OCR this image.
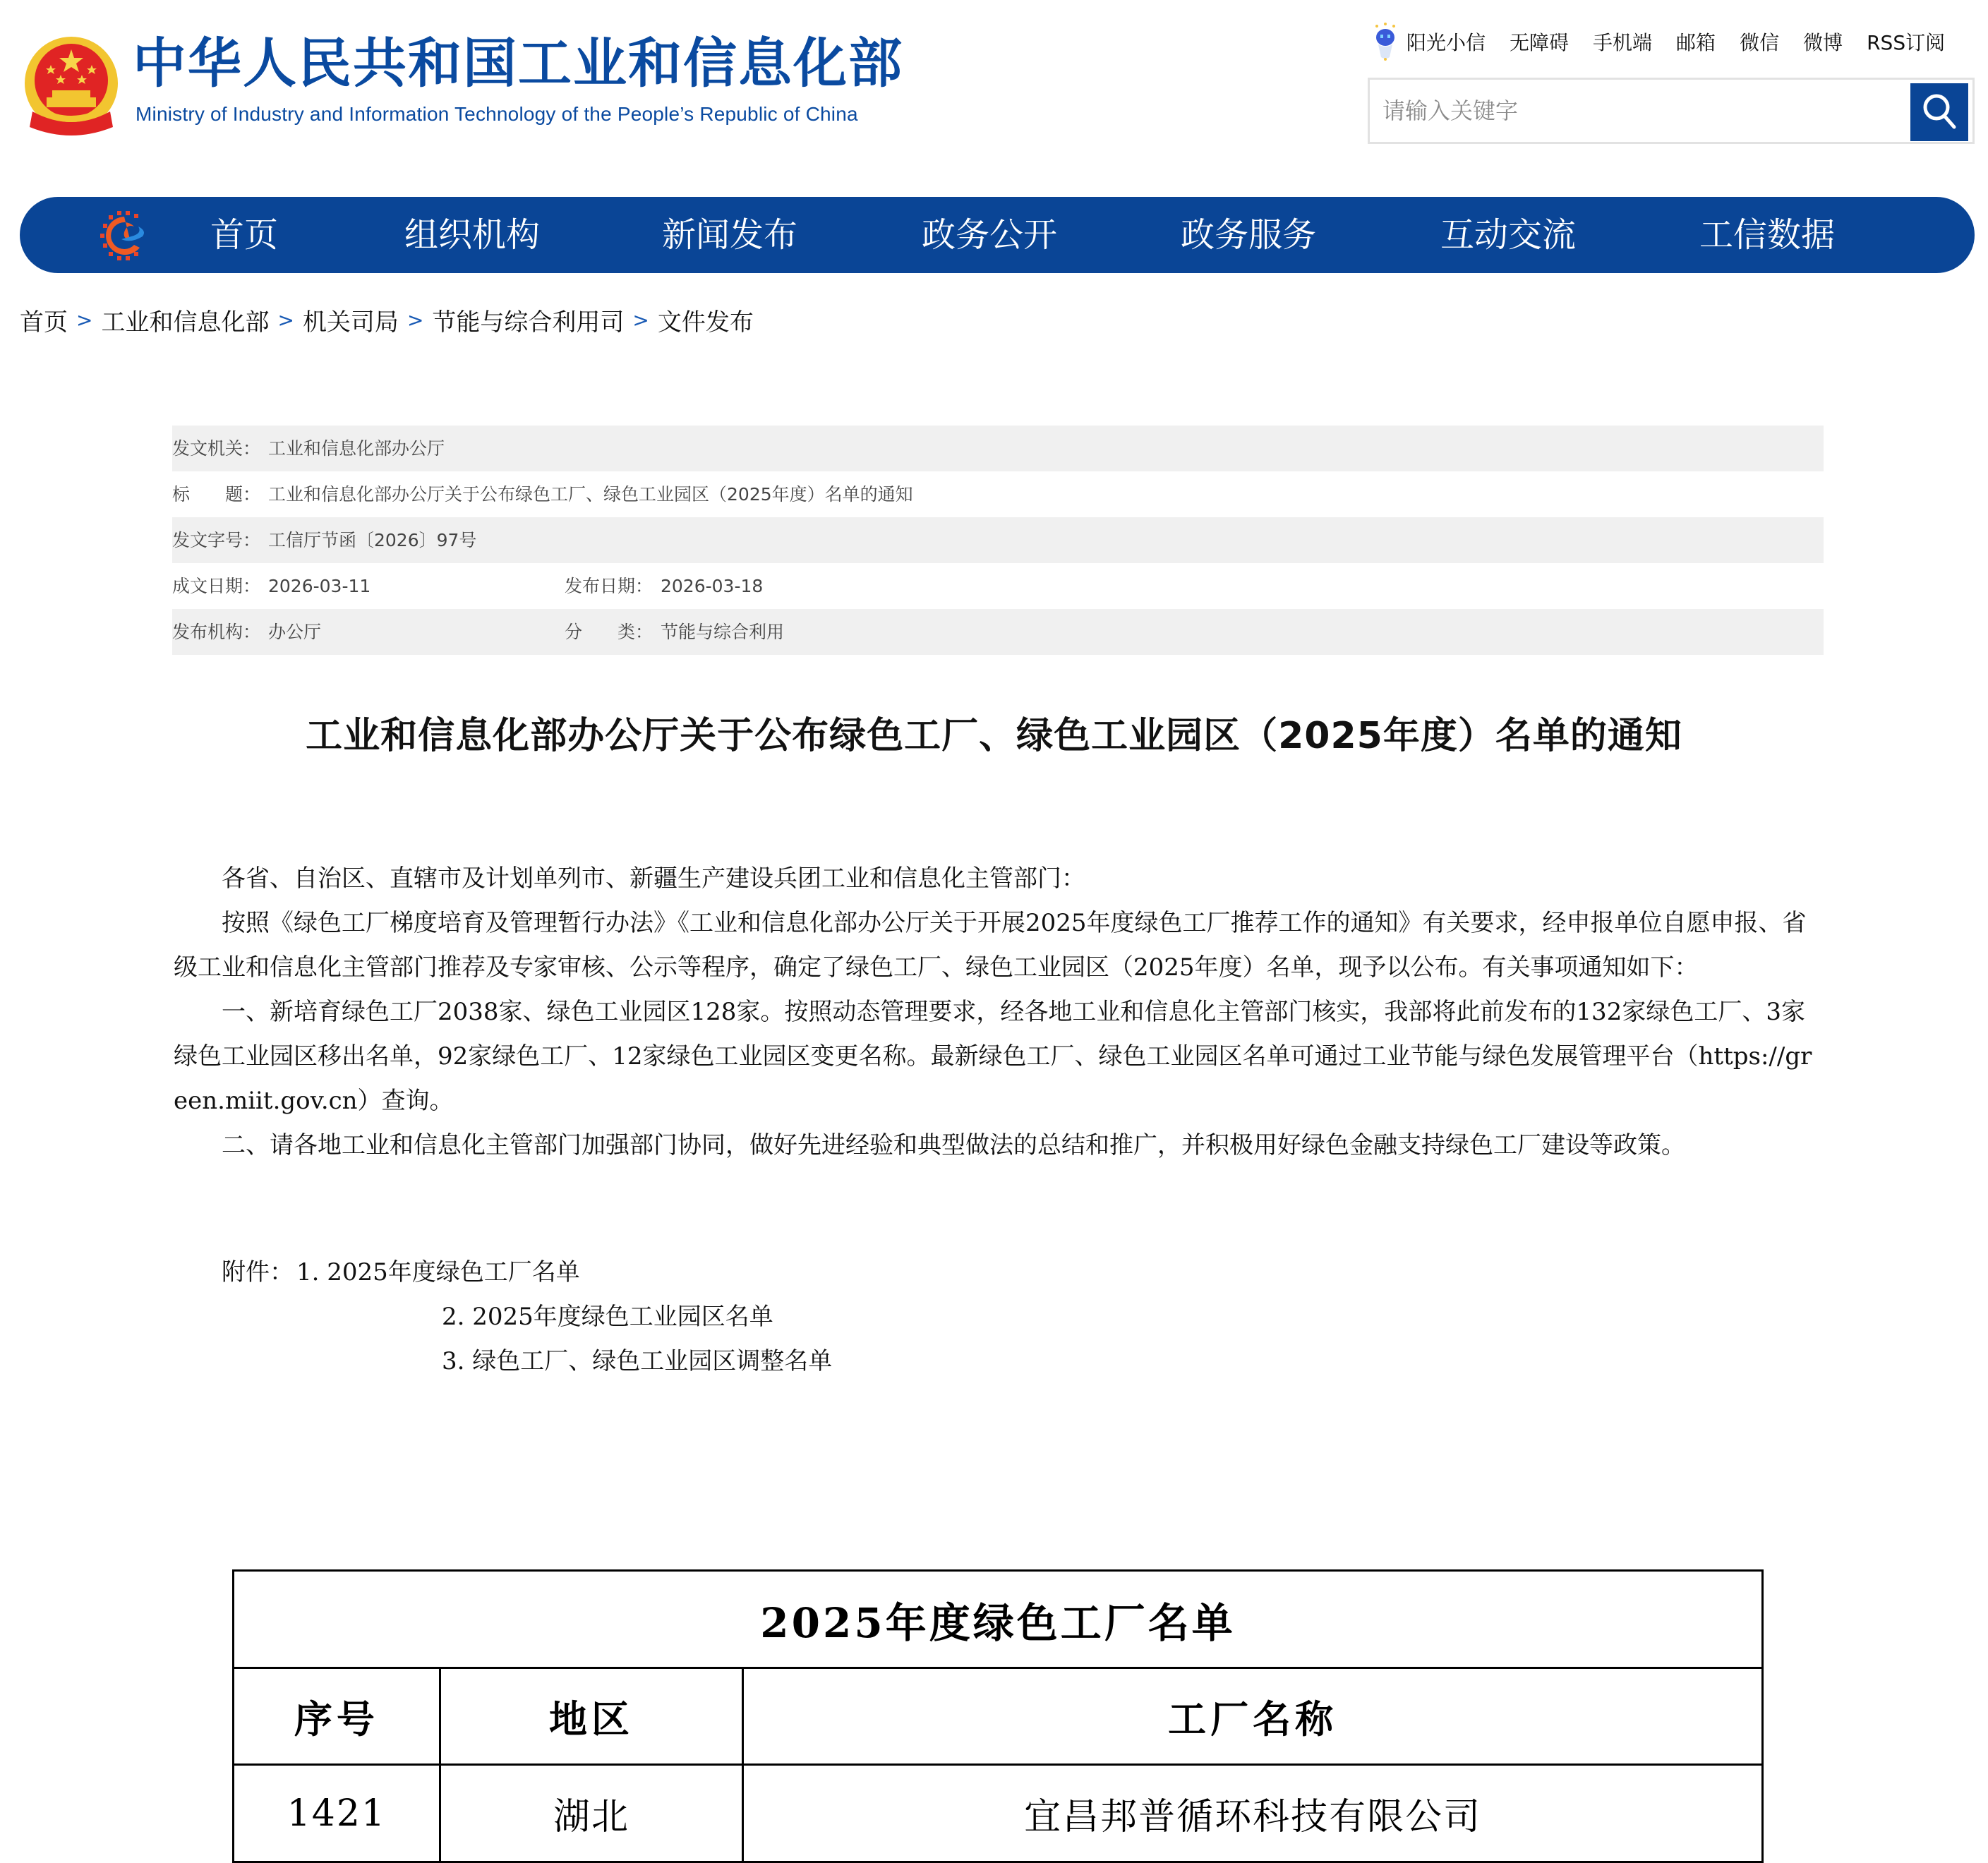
中华人民共和国工业和信息化部
Ministry of Industry and Information Technology of the People’s Republic of China
阳光小信 无障碍 手机端 邮箱 微信 微博 RSS订阅
请输入关键字
首页	组织机构	新闻发布	政务公开	政务服务	互动交流	工信数据
首页 > 工业和信息化部 > 机关司局 > 节能与综合利用司 > 文件发布
发文机关： 工业和信息化部办公厅
标　　题： 工业和信息化部办公厅关于公布绿色工厂、绿色工业园区（2025年度）名单的通知
发文字号： 工信厅节函〔2026〕97号
成文日期： 2026-03-11	发布日期： 2026-03-18
发布机构： 办公厅	分　　类： 节能与综合利用
工业和信息化部办公厅关于公布绿色工厂、绿色工业园区（2025年度）名单的通知

各省、自治区、直辖市及计划单列市、新疆生产建设兵团工业和信息化主管部门：

按照《绿色工厂梯度培育及管理暂行办法》《工业和信息化部办公厅关于开展2025年度绿色工厂推荐工作的通知》有关要求，经申报单位自愿申报、省级工业和信息化主管部门推荐及专家审核、公示等程序，确定了绿色工厂、绿色工业园区（2025年度）名单，现予以公布。有关事项通知如下：

一、新培育绿色工厂2038家、绿色工业园区128家。按照动态管理要求，经各地工业和信息化主管部门核实，我部将此前发布的132家绿色工厂、3家绿色工业园区移出名单，92家绿色工厂、12家绿色工业园区变更名称。最新绿色工厂、绿色工业园区名单可通过工业节能与绿色发展管理平台（https://green.miit.gov.cn）查询。

二、请各地工业和信息化主管部门加强部门协同，做好先进经验和典型做法的总结和推广，并积极用好绿色金融支持绿色工厂建设等政策。

附件： 1. 2025年度绿色工厂名单
2. 2025年度绿色工业园区名单
3. 绿色工厂、绿色工业园区调整名单
2025年度绿色工厂名单		
序号	地区	工厂名称
1421	湖北	宜昌邦普循环科技有限公司
